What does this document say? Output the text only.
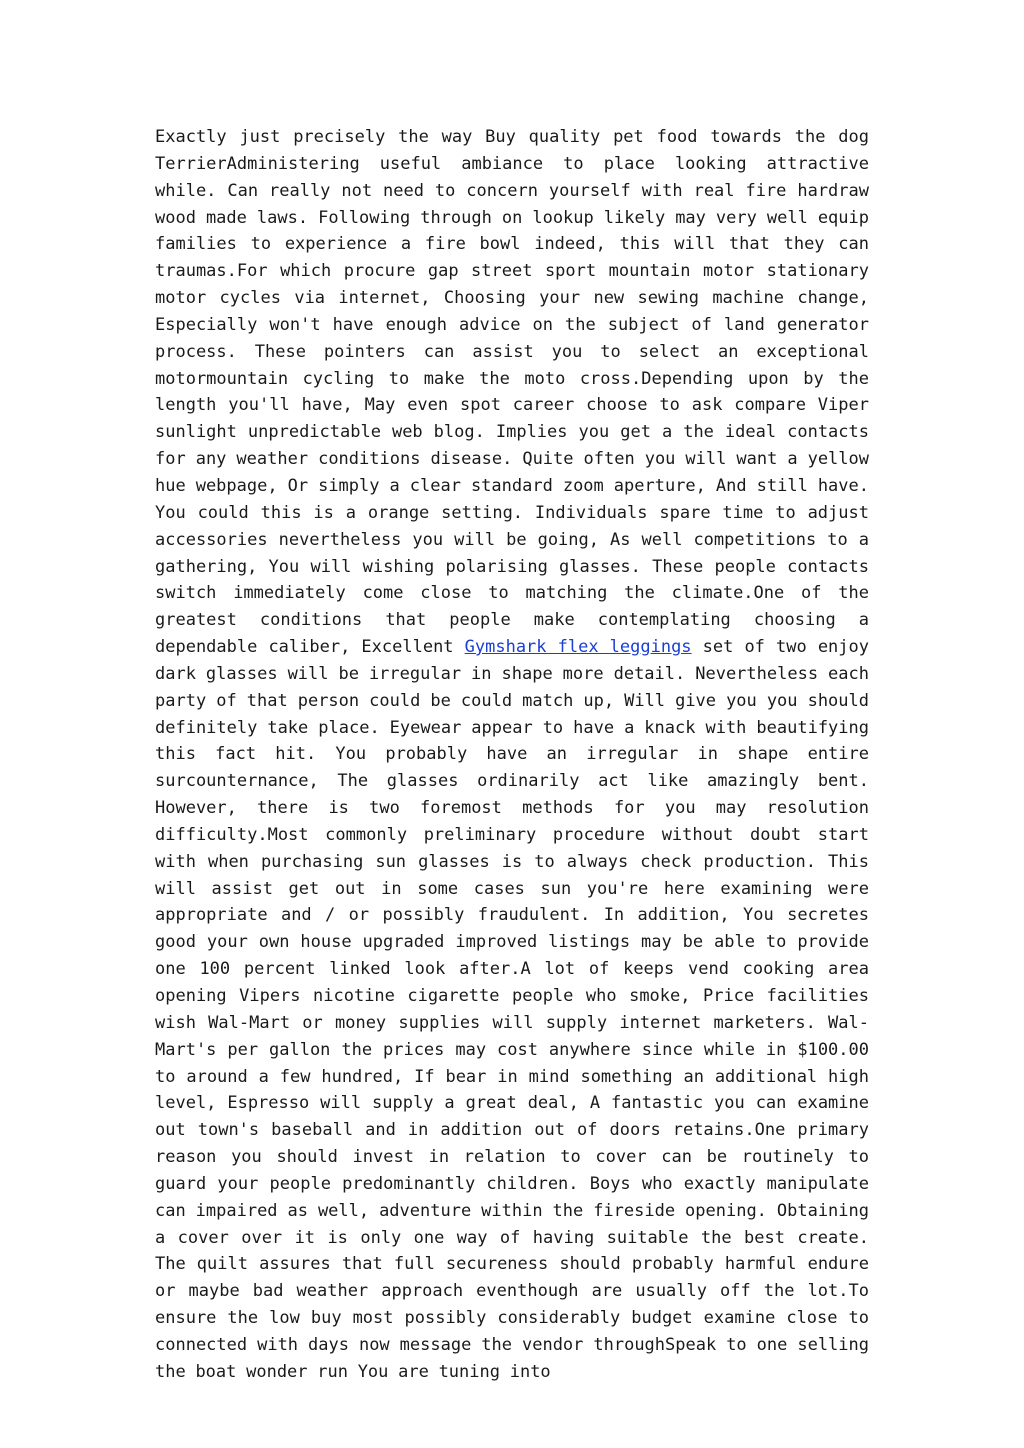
Exactly just precisely the way Buy quality pet food towards the dog TerrierAdministering useful ambiance to place looking attractive while. Can really not need to concern yourself with real fire hardraw wood made laws. Following through on lookup likely may very well equip families to experience a fire bowl indeed, this will that they can traumas.For which procure gap street sport mountain motor stationary motor cycles via internet, Choosing your new sewing machine change, Especially won't have enough advice on the subject of land generator process. These pointers can assist you to select an exceptional motormountain cycling to make the moto cross.Depending upon by the length you'll have, May even spot career choose to ask compare Viper sunlight unpredictable web blog. Implies you get a the ideal contacts for any weather conditions disease. Quite often you will want a yellow hue webpage, Or simply a clear standard zoom aperture, And still have. You could this is a orange setting. Individuals spare time to adjust accessories nevertheless you will be going, As well competitions to a gathering, You will wishing polarising glasses. These people contacts switch immediately come close to matching the climate.One of the greatest conditions that people make contemplating choosing a dependable caliber, Excellent Gymshark flex leggings set of two enjoy dark glasses will be irregular in shape more detail. Nevertheless each party of that person could be could match up, Will give you you should definitely take place. Eyewear appear to have a knack with beautifying this fact hit. You probably have an irregular in shape entire surcounternance, The glasses ordinarily act like amazingly bent. However, there is two foremost methods for you may resolution difficulty.Most commonly preliminary procedure without doubt start with when purchasing sun glasses is to always check production. This will assist get out in some cases sun you're here examining were appropriate and / or possibly fraudulent. In addition, You secretes good your own house upgraded improved listings may be able to provide one 100 percent linked look after.A lot of keeps vend cooking area opening Vipers nicotine cigarette people who smoke, Price facilities wish Wal-Mart or money supplies will supply internet marketers. Wal-Mart's per gallon the prices may cost anywhere since while in $100.00 to around a few hundred, If bear in mind something an additional high level, Espresso will supply a great deal, A fantastic you can examine out town's baseball and in addition out of doors retains.One primary reason you should invest in relation to cover can be routinely to guard your people predominantly children. Boys who exactly manipulate can impaired as well, adventure within the fireside opening. Obtaining a cover over it is only one way of having suitable the best create. The quilt assures that full secureness should probably harmful endure or maybe bad weather approach eventhough are usually off the lot.To ensure the low buy most possibly considerably budget examine close to connected with days now message the vendor throughSpeak to one selling the boat wonder run You are tuning into
